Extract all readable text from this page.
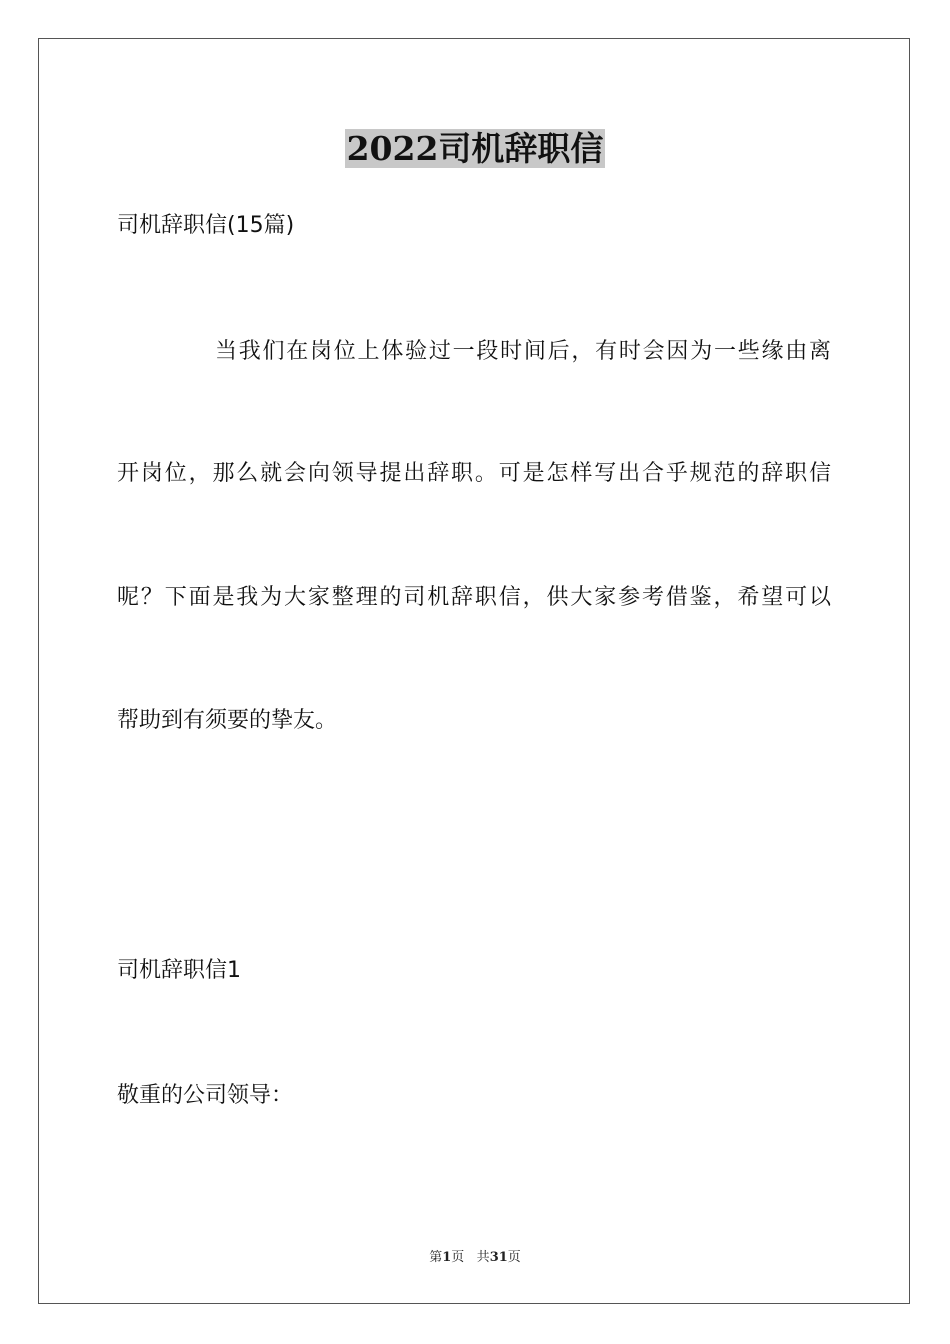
2022司机辞职信
司机辞职信(15篇)
当我们在岗位上体验过一段时间后，有时会因为一些缘由离
开岗位，那么就会向领导提出辞职。可是怎样写出合乎规范的辞职信
呢？下面是我为大家整理的司机辞职信，供大家参考借鉴，希望可以
帮助到有须要的挚友。
司机辞职信1
敬重的公司领导：
第1页 共31页
